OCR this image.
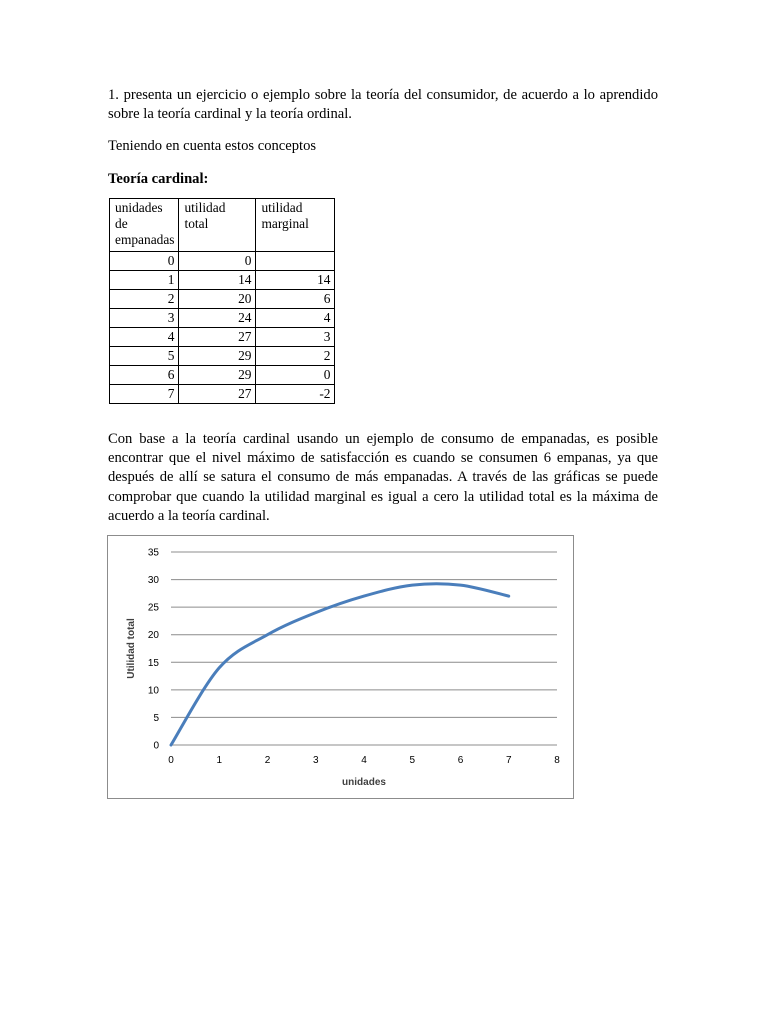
1. presenta un ejercicio o ejemplo sobre la teoría del consumidor, de acuerdo a lo aprendido sobre la teoría cardinal y la teoría ordinal.

Teniendo en cuenta estos conceptos

Teoría cardinal:

unidades de empanadas	utilidad total	utilidad marginal
0	0	
1	14	14
2	20	6
3	24	4
4	27	3
5	29	2
6	29	0
7	27	-2

Con base a la teoría cardinal usando un ejemplo de consumo de empanadas, es posible encontrar que el nivel máximo de satisfacción es cuando se consumen 6 empanas, ya que después de allí se satura el consumo de más empanadas. A través de las gráficas se puede comprobar que cuando la utilidad marginal es igual a cero la utilidad total es la máxima de acuerdo a la teoría cardinal.

0
5
10
15
20
25
30
35
0	1	2	3	4	5	6	7	8
unidades
Utilidad total
